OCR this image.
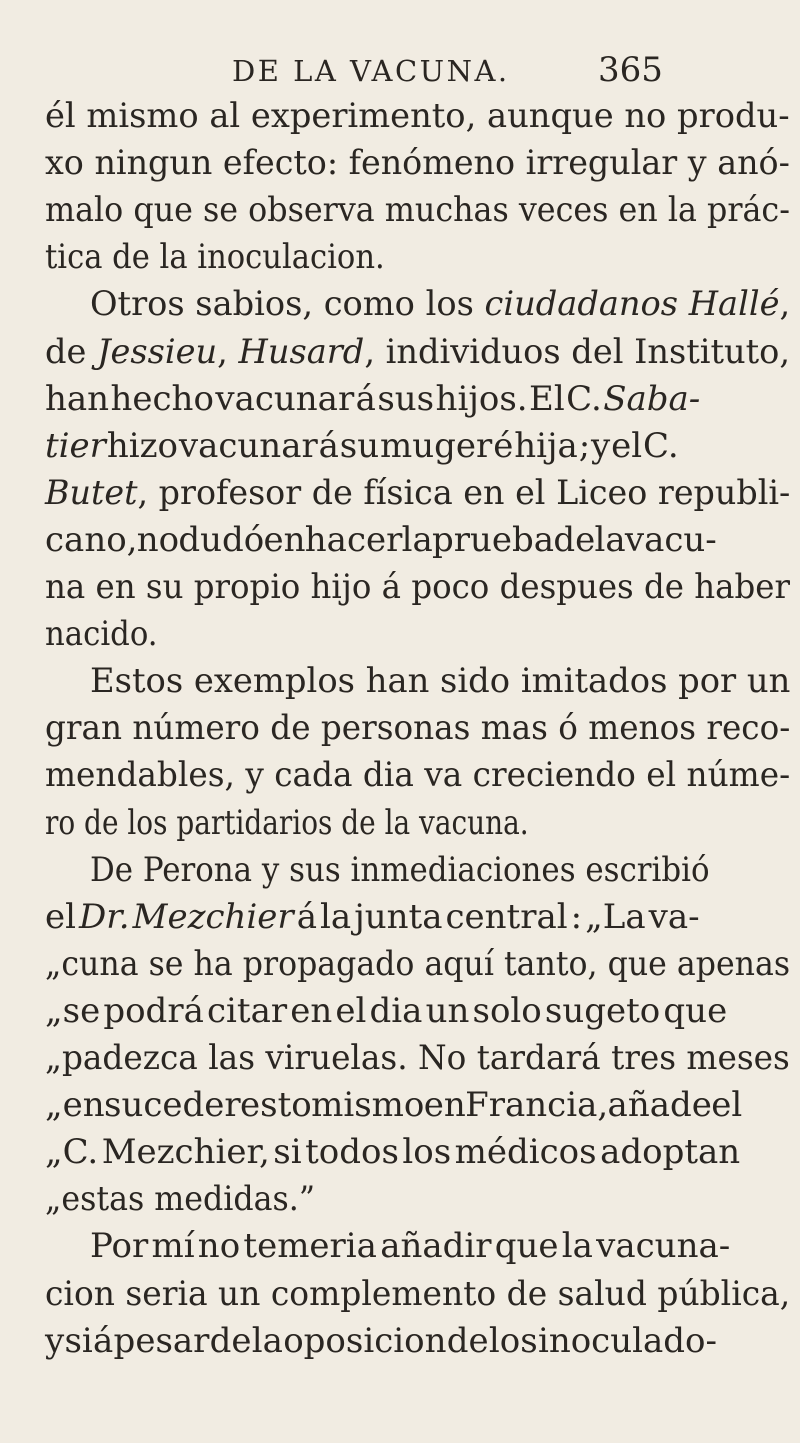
DE LA VACUNA.	365
él mismo al experimento, aunque no produ-
xo ningun efecto: fenómeno irregular y anó-
malo que se observa muchas veces en la prác-
tica de la inoculacion.
Otros sabios, como los ciudadanos Hallé,
de Jessieu, Husard, individuos del Instituto,
han hecho vacunar á sus hijos. El C. Saba-
tier hizo vacunar á su muger é hija ; y el C.
Butet, profesor de física en el Liceo republi-
cano, no dudó en hacer la prueba de la vacu-
na en su propio hijo á poco despues de haber
nacido.
Estos exemplos han sido imitados por un
gran número de personas mas ó menos reco-
mendables, y cada dia va creciendo el núme-
ro de los partidarios de la vacuna.
De Perona y sus inmediaciones escribió
el Dr. Mezchier á la junta central : „La va-
„cuna se ha propagado aquí tanto, que apenas
„se podrá citar en el dia un solo sugeto que
„padezca las viruelas. No tardará tres meses
„en suceder esto mismo en Francia, añade el
„C. Mezchier, si todos los médicos adoptan
„estas medidas.”
Por mí no temeria añadir que la vacuna-
cion seria un complemento de salud pública,
y si á pesar de la oposicion de los inoculado-
